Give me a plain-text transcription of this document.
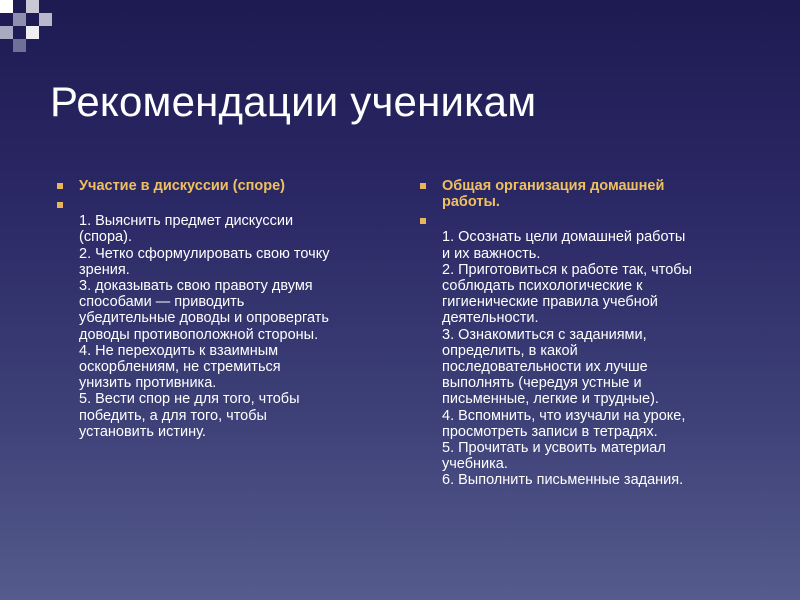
Рекомендации ученикам
Участие в дискуссии (споре)
1. Выяснить предмет дискуссии
(спора).
2. Четко сформулировать свою точку
зрения.
3. доказывать свою правоту двумя
способами — приводить
убедительные доводы и опровергать
доводы противоположной стороны.
4. Не переходить к взаимным
оскорблениям, не стремиться
унизить противника.
5. Вести спор не для того, чтобы
победить, а для того, чтобы
установить истину.
Общая организация домашней
работы.
1. Осознать цели домашней работы
и их важность.
2. Приготовиться к работе так, чтобы
соблюдать психологические к
гигиенические правила учебной
деятельности.
3. Ознакомиться с заданиями,
определить, в какой
последовательности их лучше
выполнять (чередуя устные и
письменные, легкие и трудные).
4. Вспомнить, что изучали на уроке,
просмотреть записи в тетрадях.
5. Прочитать и усвоить материал
учебника.
6. Выполнить письменные задания.
